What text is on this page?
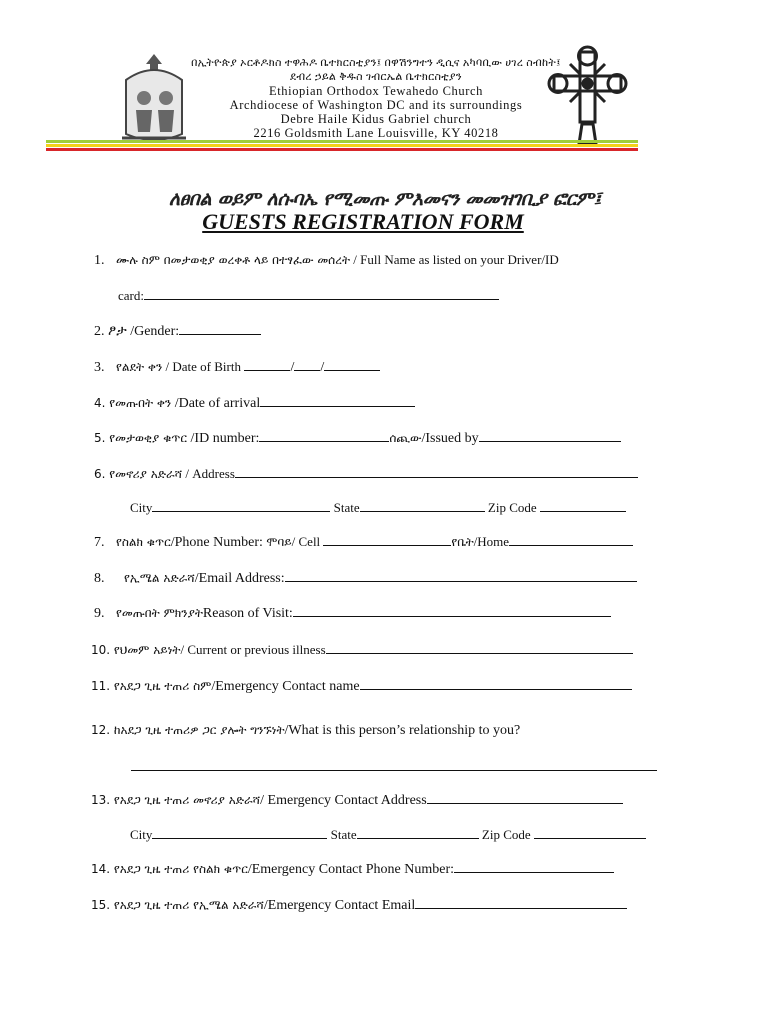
በኢትዮጵያ ኦርቶዶክስ ተዋሕዶ ቤተክርስቲያን፤ በዋሽንግተን ዲሲና አካባቢው ሀገረ ስብከት፤
ደብረ ኃይል ቅዱስ ገብርኤል ቤተክርስቲያን
Ethiopian Orthodox Tewahedo Church
Archdiocese of Washington DC and its surroundings
Debre Haile Kidus Gabriel church
2216 Goldsmith Lane Louisville, KY 40218
ለፀበል ወይም ለሱባኤ የሚመጡ ምእመናን መመዝገቢያ ፎርም፤
GUESTS REGISTRATION FORM
1. ሙሉ ስም በመታወቂያ ወረቀቶ ላይ በተፃፈው መሰረት / Full Name as listed on your Driver/ID
card:
2. ፆታ /Gender:
3. የልደት ቀን / Date of Birth	/ /
4. የመጡበት ቀን /Date of arrival
5. የመታወቂያ ቁጥር /ID number:	ሰጪው/Issued by
6. የመኖሪያ አድራሻ / Address
City	State	Zip Code
7. የስልክ ቁጥር/Phone Number: ሞባይ/ Cell	የቤት/Home
8. የኢሜል አድራሻ/Email Address:
9. የመጡበት ምክንያትReason of Visit:
10. የህመም አይነት/ Current or previous illness
11. የአደጋ ጊዜ ተጠሪ ስም/Emergency Contact name
12. ከአደጋ ጊዜ ተጠሪዎ ጋር ያሎት ግንኙነት/What is this person’s relationship to you?
13. የአደጋ ጊዜ ተጠሪ መኖሪያ አድራሻ/ Emergency Contact Address
City	State	Zip Code
14. የአደጋ ጊዜ ተጠሪ የስልክ ቁጥር/Emergency Contact Phone Number:
15. የአደጋ ጊዜ ተጠሪ የኢሜል አድራሻ/Emergency Contact Email
